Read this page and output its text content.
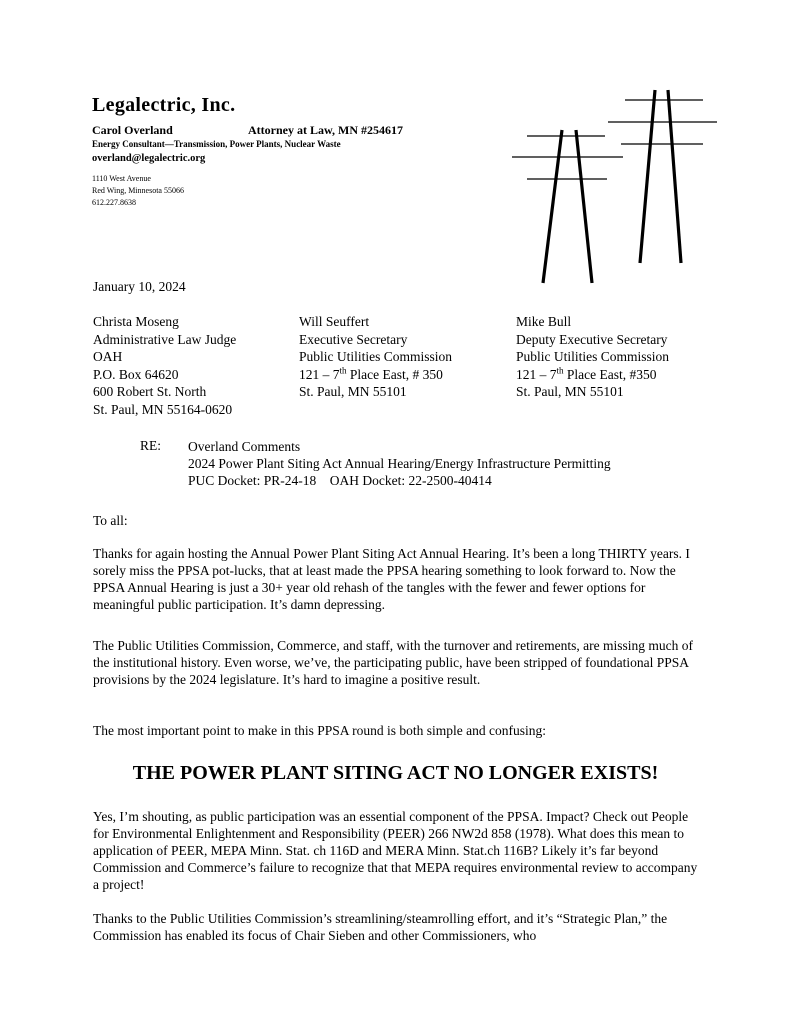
Legalectric, Inc.
Carol Overland	Attorney at Law, MN #254617
Energy Consultant—Transmission, Power Plants, Nuclear Waste
overland@legalectric.org
1110 West Avenue
Red Wing, Minnesota 55066
612.227.8638
January 10, 2024
Christa Moseng
Administrative Law Judge
OAH
P.O. Box 64620
600 Robert St. North
St. Paul, MN 55164-0620
Will Seuffert
Executive Secretary
Public Utilities Commission
121 – 7th Place East, # 350
St. Paul, MN 55101
Mike Bull
Deputy Executive Secretary
Public Utilities Commission
121 – 7th Place East, #350
St. Paul, MN 55101
RE: Overland Comments
2024 Power Plant Siting Act Annual Hearing/Energy Infrastructure Permitting
PUC Docket: PR-24-18    OAH Docket: 22-2500-40414
To all:
Thanks for again hosting the Annual Power Plant Siting Act Annual Hearing. It’s been a long THIRTY years. I sorely miss the PPSA pot-lucks, that at least made the PPSA hearing something to look forward to. Now the PPSA Annual Hearing is just a 30+ year old rehash of the tangles with the fewer and fewer options for meaningful public participation. It’s damn depressing.
The Public Utilities Commission, Commerce, and staff, with the turnover and retirements, are missing much of the institutional history. Even worse, we’ve, the participating public, have been stripped of foundational PPSA provisions by the 2024 legislature. It’s hard to imagine a positive result.
The most important point to make in this PPSA round is both simple and confusing:
THE POWER PLANT SITING ACT NO LONGER EXISTS!
Yes, I’m shouting, as public participation was an essential component of the PPSA. Impact? Check out People for Environmental Enlightenment and Responsibility (PEER) 266 NW2d 858 (1978). What does this mean to application of PEER, MEPA Minn. Stat. ch 116D and MERA Minn. Stat.ch 116B? Likely it’s far beyond Commission and Commerce’s failure to recognize that that MEPA requires environmental review to accompany a project!
Thanks to the Public Utilities Commission’s streamlining/steamrolling effort, and it’s “Strategic Plan,” the Commission has enabled its focus of Chair Sieben and other Commissioners, who
